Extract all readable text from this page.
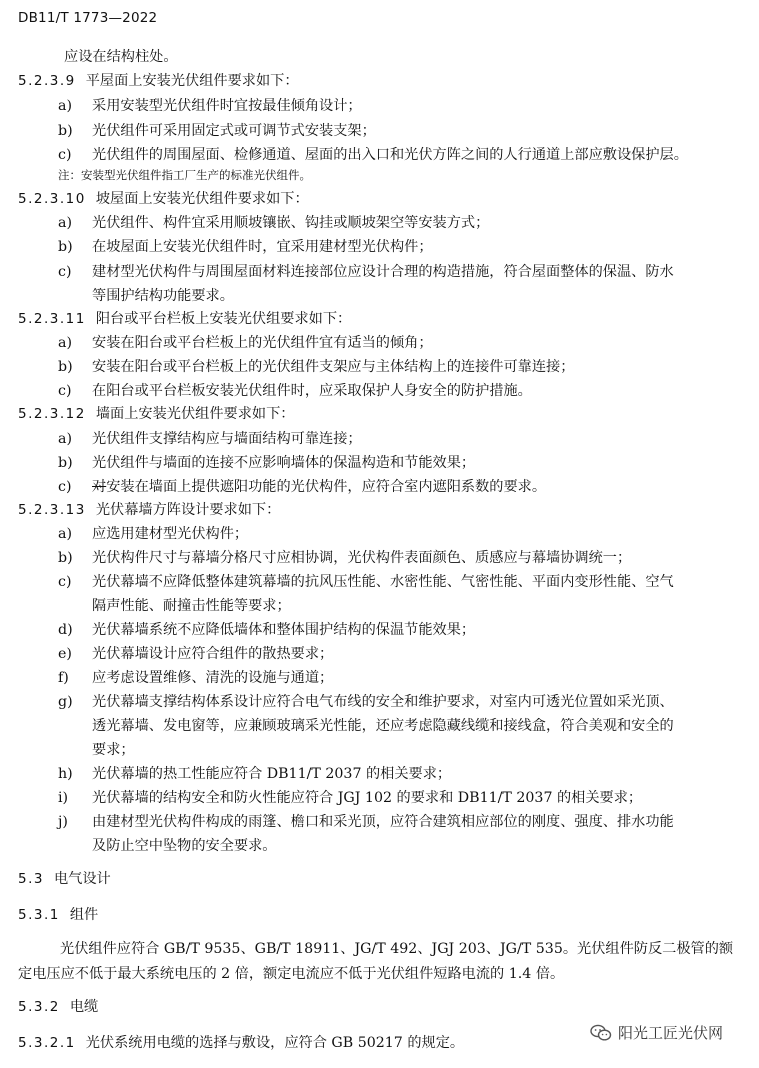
DB11/T 1773—2022
应设在结构柱处。
5.2.3.9 平屋面上安装光伏组件要求如下：
a) 采用安装型光伏组件时宜按最佳倾角设计；
b) 光伏组件可采用固定式或可调节式安装支架；
c) 光伏组件的周围屋面、检修通道、屋面的出入口和光伏方阵之间的人行通道上部应敷设保护层。
注：安装型光伏组件指工厂生产的标准光伏组件。
5.2.3.10 坡屋面上安装光伏组件要求如下：
a) 光伏组件、构件宜采用顺坡镶嵌、钩挂或顺坡架空等安装方式；
b) 在坡屋面上安装光伏组件时，宜采用建材型光伏构件；
c) 建材型光伏构件与周围屋面材料连接部位应设计合理的构造措施，符合屋面整体的保温、防水
等围护结构功能要求。
5.2.3.11 阳台或平台栏板上安装光伏组要求如下：
a) 安装在阳台或平台栏板上的光伏组件宜有适当的倾角；
b) 安装在阳台或平台栏板上的光伏组件支架应与主体结构上的连接件可靠连接；
c) 在阳台或平台栏板安装光伏组件时，应采取保护人身安全的防护措施。
5.2.3.12 墙面上安装光伏组件要求如下：
a) 光伏组件支撑结构应与墙面结构可靠连接；
b) 光伏组件与墙面的连接不应影响墙体的保温构造和节能效果；
c) 对安装在墙面上提供遮阳功能的光伏构件，应符合室内遮阳系数的要求。
5.2.3.13 光伏幕墙方阵设计要求如下：
a) 应选用建材型光伏构件；
b) 光伏构件尺寸与幕墙分格尺寸应相协调，光伏构件表面颜色、质感应与幕墙协调统一；
c) 光伏幕墙不应降低整体建筑幕墙的抗风压性能、水密性能、气密性能、平面内变形性能、空气
隔声性能、耐撞击性能等要求；
d) 光伏幕墙系统不应降低墙体和整体围护结构的保温节能效果；
e) 光伏幕墙设计应符合组件的散热要求；
f) 应考虑设置维修、清洗的设施与通道；
g) 光伏幕墙支撑结构体系设计应符合电气布线的安全和维护要求，对室内可透光位置如采光顶、
透光幕墙、发电窗等，应兼顾玻璃采光性能，还应考虑隐藏线缆和接线盒，符合美观和安全的
要求；
h) 光伏幕墙的热工性能应符合 DB11/T 2037 的相关要求；
i) 光伏幕墙的结构安全和防火性能应符合 JGJ 102 的要求和 DB11/T 2037 的相关要求；
j) 由建材型光伏构件构成的雨篷、檐口和采光顶，应符合建筑相应部位的刚度、强度、排水功能
及防止空中坠物的安全要求。
5.3 电气设计
5.3.1 组件
光伏组件应符合 GB/T 9535、GB/T 18911、JG/T 492、JGJ 203、JG/T 535。光伏组件防反二极管的额定电压应不低于最大系统电压的 2 倍，额定电流应不低于光伏组件短路电流的 1.4 倍。
5.3.2 电缆
5.3.2.1 光伏系统用电缆的选择与敷设，应符合 GB 50217 的规定。
阳光工匠光伏网
